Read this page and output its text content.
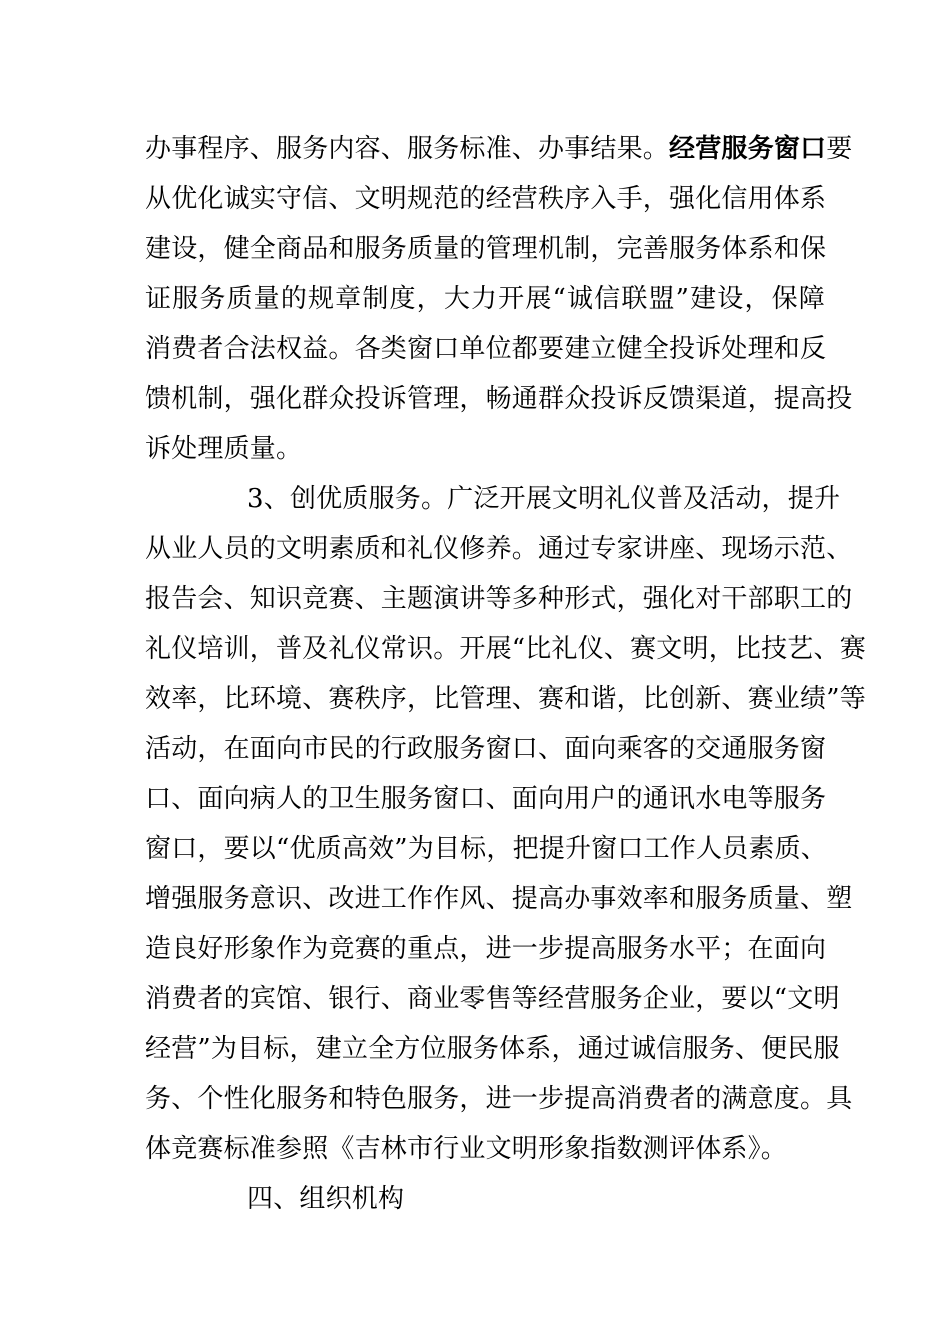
办事程序、服务内容、服务标准、办事结果。经营服务窗口要
从优化诚实守信、文明规范的经营秩序入手，强化信用体系
建设，健全商品和服务质量的管理机制，完善服务体系和保
证服务质量的规章制度，大力开展“诚信联盟”建设，保障
消费者合法权益。各类窗口单位都要建立健全投诉处理和反
馈机制，强化群众投诉管理，畅通群众投诉反馈渠道，提高投
诉处理质量。
3、创优质服务。广泛开展文明礼仪普及活动，提升
从业人员的文明素质和礼仪修养。通过专家讲座、现场示范、
报告会、知识竞赛、主题演讲等多种形式，强化对干部职工的
礼仪培训，普及礼仪常识。开展“比礼仪、赛文明，比技艺、赛
效率，比环境、赛秩序，比管理、赛和谐，比创新、赛业绩”等
活动，在面向市民的行政服务窗口、面向乘客的交通服务窗
口、面向病人的卫生服务窗口、面向用户的通讯水电等服务
窗口，要以“优质高效”为目标，把提升窗口工作人员素质、
增强服务意识、改进工作作风、提高办事效率和服务质量、塑
造良好形象作为竞赛的重点，进一步提高服务水平；在面向
消费者的宾馆、银行、商业零售等经营服务企业，要以“文明
经营”为目标，建立全方位服务体系，通过诚信服务、便民服
务、个性化服务和特色服务，进一步提高消费者的满意度。具
体竞赛标准参照《吉林市行业文明形象指数测评体系》。
四、组织机构
